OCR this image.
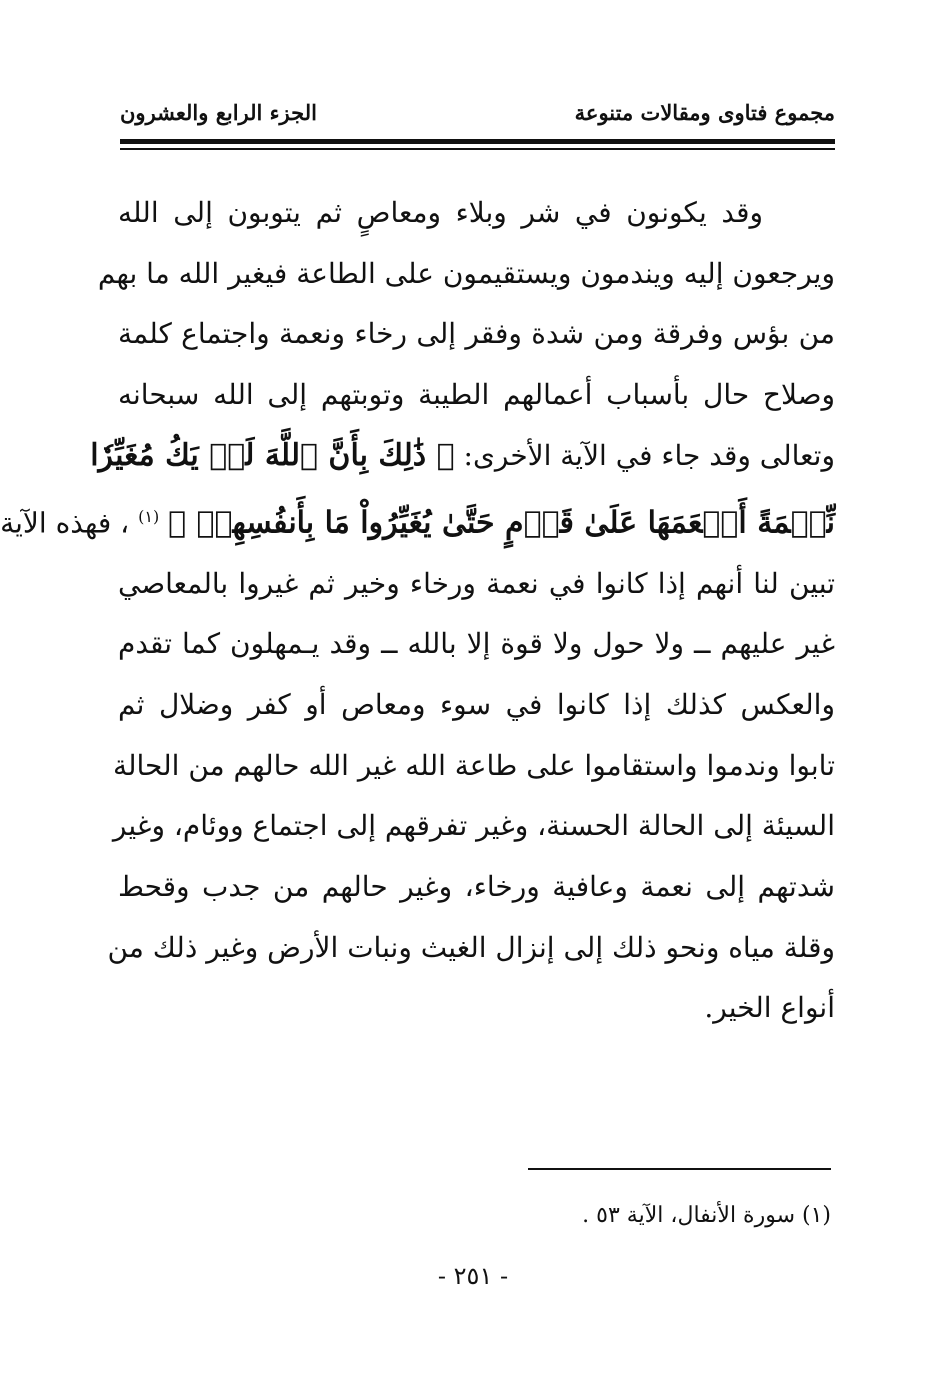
مجموع فتاوى ومقالات متنوعة
الجزء الرابع والعشرون
وقد يكونون في شر وبلاء ومعاصٍ ثم يتوبون إلى الله
ويرجعون إليه ويندمون ويستقيمون على الطاعة فيغير الله ما بهم
من بؤس وفرقة ومن شدة وفقر إلى رخاء ونعمة واجتماع كلمة
وصلاح حال بأسباب أعمالهم الطيبة وتوبتهم إلى الله سبحانه
وتعالى وقد جاء في الآية الأخرى: ﴿ ذَٰلِكَ بِأَنَّ ٱللَّهَ لَمۡ يَكُ مُغَيِّرٗا
نِّعۡمَةً أَنۡعَمَهَا عَلَىٰ قَوۡمٍ حَتَّىٰ يُغَيِّرُواْ مَا بِأَنفُسِهِمۡ ﴾ $^{(١)}$ ، فهذه الآية
تبين لنا أنهم إذا كانوا في نعمة ورخاء وخير ثم غيروا بالمعاصي
غير عليهم ــ ولا حول ولا قوة إلا بالله ــ وقد يـمهلون كما تقدم
والعكس كذلك إذا كانوا في سوء ومعاص أو كفر وضلال ثم
تابوا وندموا واستقاموا على طاعة الله غير الله حالهم من الحالة
السيئة إلى الحالة الحسنة، وغير تفرقهم إلى اجتماع ووئام، وغير
شدتهم إلى نعمة وعافية ورخاء، وغير حالهم من جدب وقحط
وقلة مياه ونحو ذلك إلى إنزال الغيث ونبات الأرض وغير ذلك من
أنواع الخير.
(١) سورة الأنفال، الآية ٥٣ .
- ٢٥١ -
